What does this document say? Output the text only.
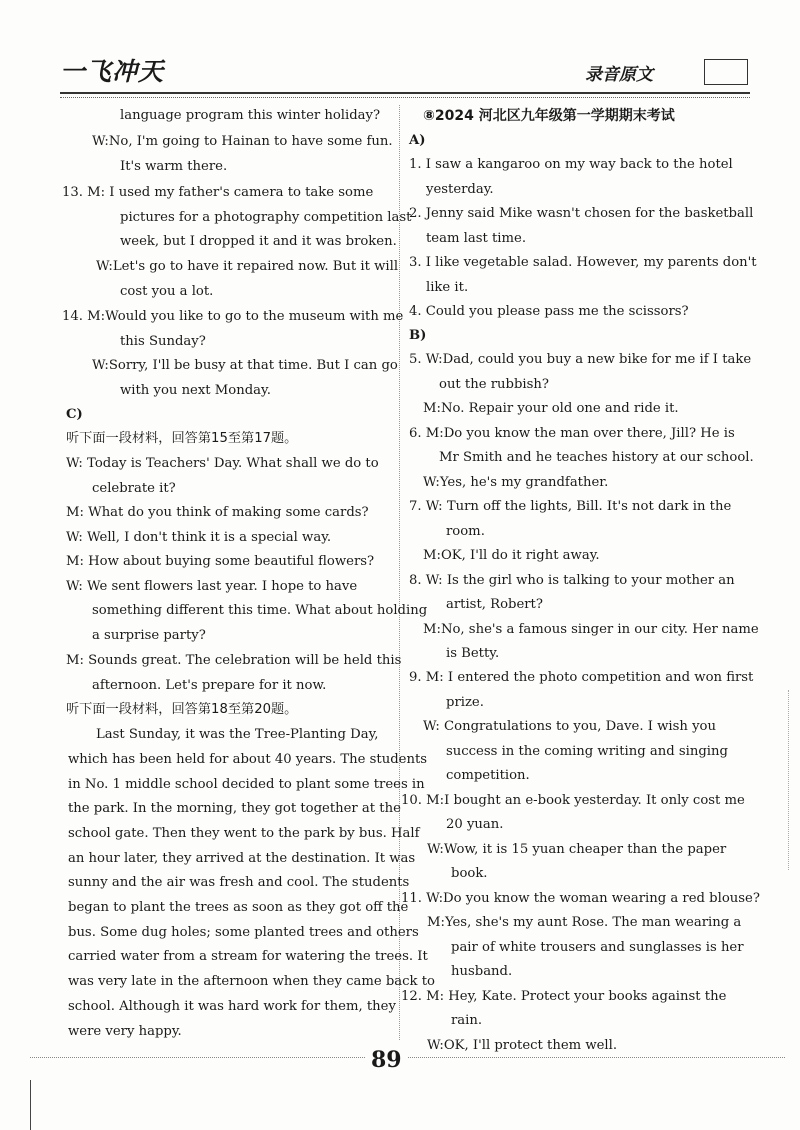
一飞冲天	录音原文
language program this winter holiday?
W:No, I'm going to Hainan to have some fun.
It's warm there.
13. M: I used my father's camera to take some
pictures for a photography competition last
week, but I dropped it and it was broken.
W:Let's go to have it repaired now. But it will
cost you a lot.
14. M:Would you like to go to the museum with me
this Sunday?
W:Sorry, I'll be busy at that time. But I can go
with you next Monday.
C)
听下面一段材料，回答第15至第17题。
W: Today is Teachers' Day. What shall we do to
celebrate it?
M: What do you think of making some cards?
W: Well, I don't think it is a special way.
M: How about buying some beautiful flowers?
W: We sent flowers last year. I hope to have
something different this time. What about holding
a surprise party?
M: Sounds great. The celebration will be held this
afternoon. Let's prepare for it now.
听下面一段材料，回答第18至第20题。
Last Sunday, it was the Tree-Planting Day,
which has been held for about 40 years. The students
in No. 1 middle school decided to plant some trees in
the park. In the morning, they got together at the
school gate. Then they went to the park by bus. Half
an hour later, they arrived at the destination. It was
sunny and the air was fresh and cool. The students
began to plant the trees as soon as they got off the
bus. Some dug holes; some planted trees and others
carried water from a stream for watering the trees. It
was very late in the afternoon when they came back to
school. Although it was hard work for them, they
were very happy.
⑧2024 河北区九年级第一学期期末考试
A)
1. I saw a kangaroo on my way back to the hotel
yesterday.
2. Jenny said Mike wasn't chosen for the basketball
team last time.
3. I like vegetable salad. However, my parents don't
like it.
4. Could you please pass me the scissors?
B)
5. W:Dad, could you buy a new bike for me if I take
out the rubbish?
M:No. Repair your old one and ride it.
6. M:Do you know the man over there, Jill? He is
Mr Smith and he teaches history at our school.
W:Yes, he's my grandfather.
7. W: Turn off the lights, Bill. It's not dark in the
room.
M:OK, I'll do it right away.
8. W: Is the girl who is talking to your mother an
artist, Robert?
M:No, she's a famous singer in our city. Her name
is Betty.
9. M: I entered the photo competition and won first
prize.
W: Congratulations to you, Dave. I wish you
success in the coming writing and singing
competition.
10. M:I bought an e-book yesterday. It only cost me
20 yuan.
W:Wow, it is 15 yuan cheaper than the paper
book.
11. W:Do you know the woman wearing a red blouse?
M:Yes, she's my aunt Rose. The man wearing a
pair of white trousers and sunglasses is her
husband.
12. M: Hey, Kate. Protect your books against the
rain.
W:OK, I'll protect them well.
89
